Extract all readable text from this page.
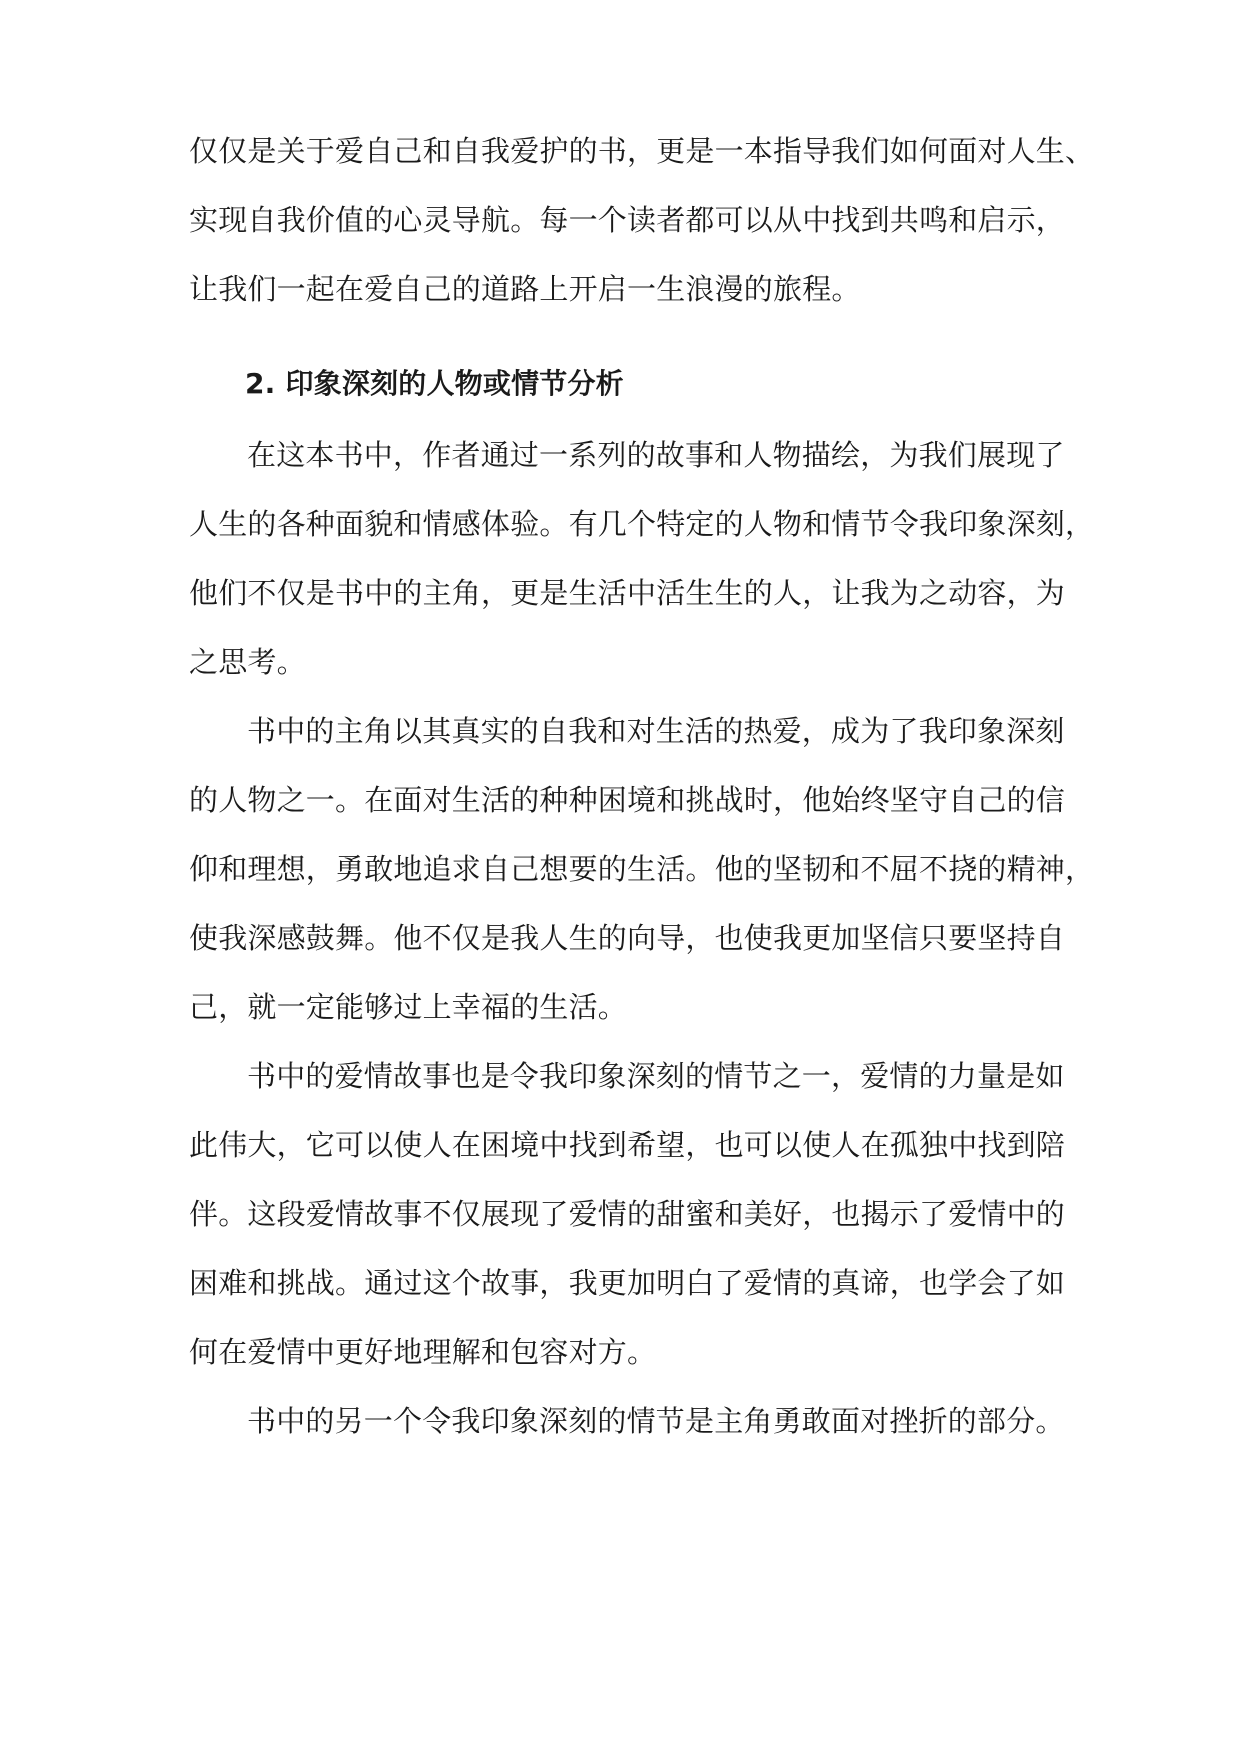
仅仅是关于爱自己和自我爱护的书，更是一本指导我们如何面对人生、
实现自我价值的心灵导航。每一个读者都可以从中找到共鸣和启示，
让我们一起在爱自己的道路上开启一生浪漫的旅程。
2. 印象深刻的人物或情节分析
在这本书中，作者通过一系列的故事和人物描绘，为我们展现了
人生的各种面貌和情感体验。有几个特定的人物和情节令我印象深刻，
他们不仅是书中的主角，更是生活中活生生的人，让我为之动容，为
之思考。
书中的主角以其真实的自我和对生活的热爱，成为了我印象深刻
的人物之一。在面对生活的种种困境和挑战时，他始终坚守自己的信
仰和理想，勇敢地追求自己想要的生活。他的坚韧和不屈不挠的精神，
使我深感鼓舞。他不仅是我人生的向导，也使我更加坚信只要坚持自
己，就一定能够过上幸福的生活。
书中的爱情故事也是令我印象深刻的情节之一，爱情的力量是如
此伟大，它可以使人在困境中找到希望，也可以使人在孤独中找到陪
伴。这段爱情故事不仅展现了爱情的甜蜜和美好，也揭示了爱情中的
困难和挑战。通过这个故事，我更加明白了爱情的真谛，也学会了如
何在爱情中更好地理解和包容对方。
书中的另一个令我印象深刻的情节是主角勇敢面对挫折的部分。
